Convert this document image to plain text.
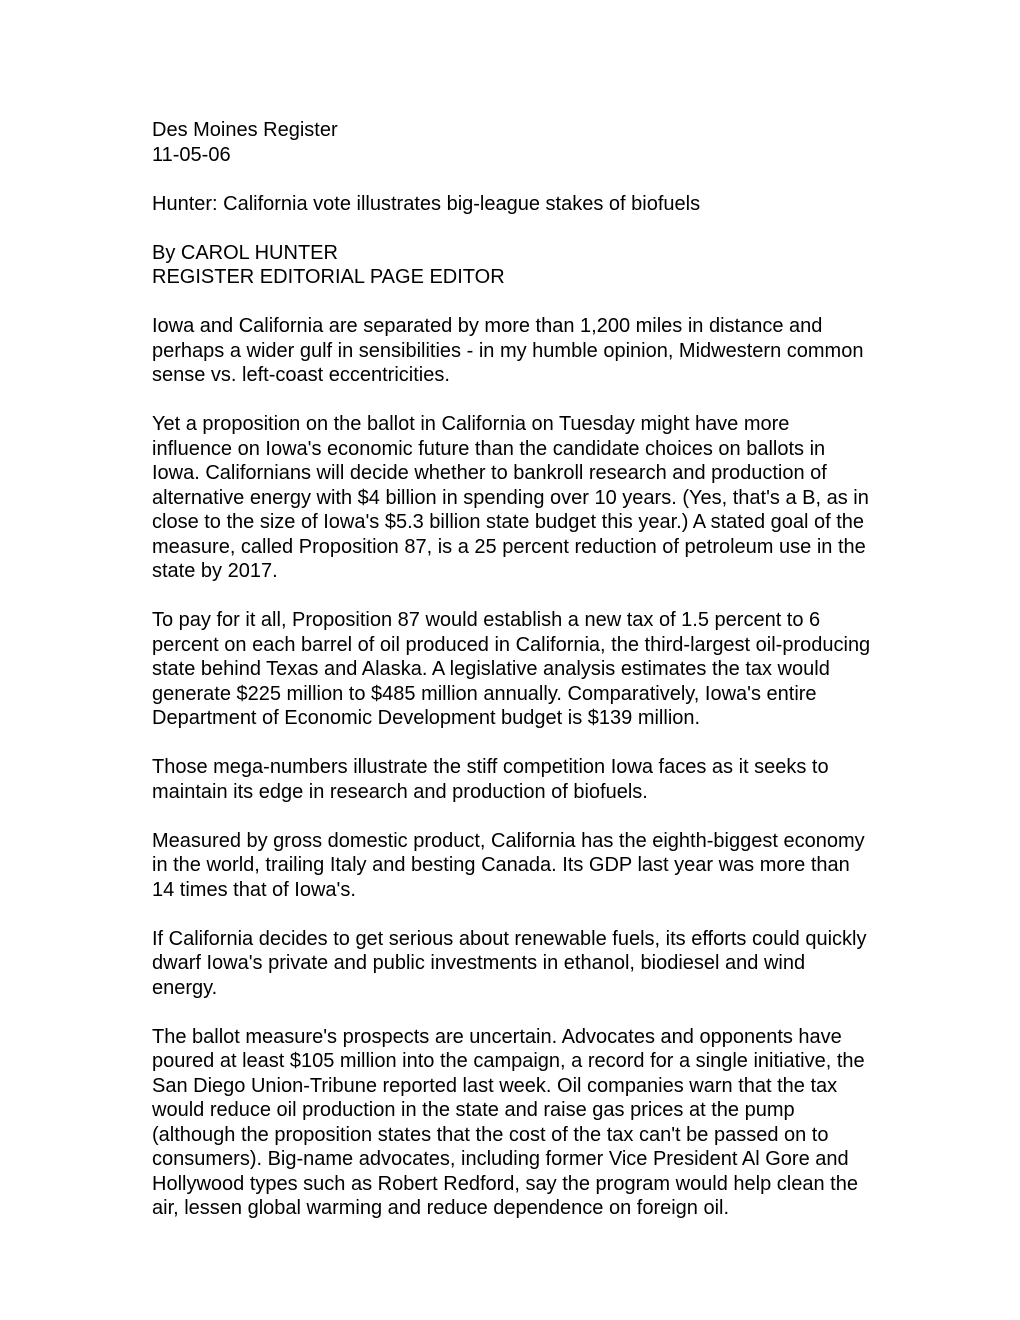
Des Moines Register

11-05-06

Hunter: California vote illustrates big-league stakes of biofuels

By CAROL HUNTER

REGISTER EDITORIAL PAGE EDITOR

Iowa and California are separated by more than 1,200 miles in distance and perhaps a wider gulf in sensibilities - in my humble opinion, Midwestern common sense vs. left-coast eccentricities.

Yet a proposition on the ballot in California on Tuesday might have more influence on Iowa's economic future than the candidate choices on ballots in Iowa. Californians will decide whether to bankroll research and production of alternative energy with $4 billion in spending over 10 years. (Yes, that's a B, as in close to the size of Iowa's $5.3 billion state budget this year.) A stated goal of the measure, called Proposition 87, is a 25 percent reduction of petroleum use in the state by 2017.

To pay for it all, Proposition 87 would establish a new tax of 1.5 percent to 6 percent on each barrel of oil produced in California, the third-largest oil-producing state behind Texas and Alaska. A legislative analysis estimates the tax would generate $225 million to $485 million annually. Comparatively, Iowa's entire Department of Economic Development budget is $139 million.

Those mega-numbers illustrate the stiff competition Iowa faces as it seeks to maintain its edge in research and production of biofuels.

Measured by gross domestic product, California has the eighth-biggest economy in the world, trailing Italy and besting Canada. Its GDP last year was more than 14 times that of Iowa's.

If California decides to get serious about renewable fuels, its efforts could quickly dwarf Iowa's private and public investments in ethanol, biodiesel and wind energy.

The ballot measure's prospects are uncertain. Advocates and opponents have poured at least $105 million into the campaign, a record for a single initiative, the San Diego Union-Tribune reported last week. Oil companies warn that the tax would reduce oil production in the state and raise gas prices at the pump (although the proposition states that the cost of the tax can't be passed on to consumers). Big-name advocates, including former Vice President Al Gore and Hollywood types such as Robert Redford, say the program would help clean the air, lessen global warming and reduce dependence on foreign oil.
